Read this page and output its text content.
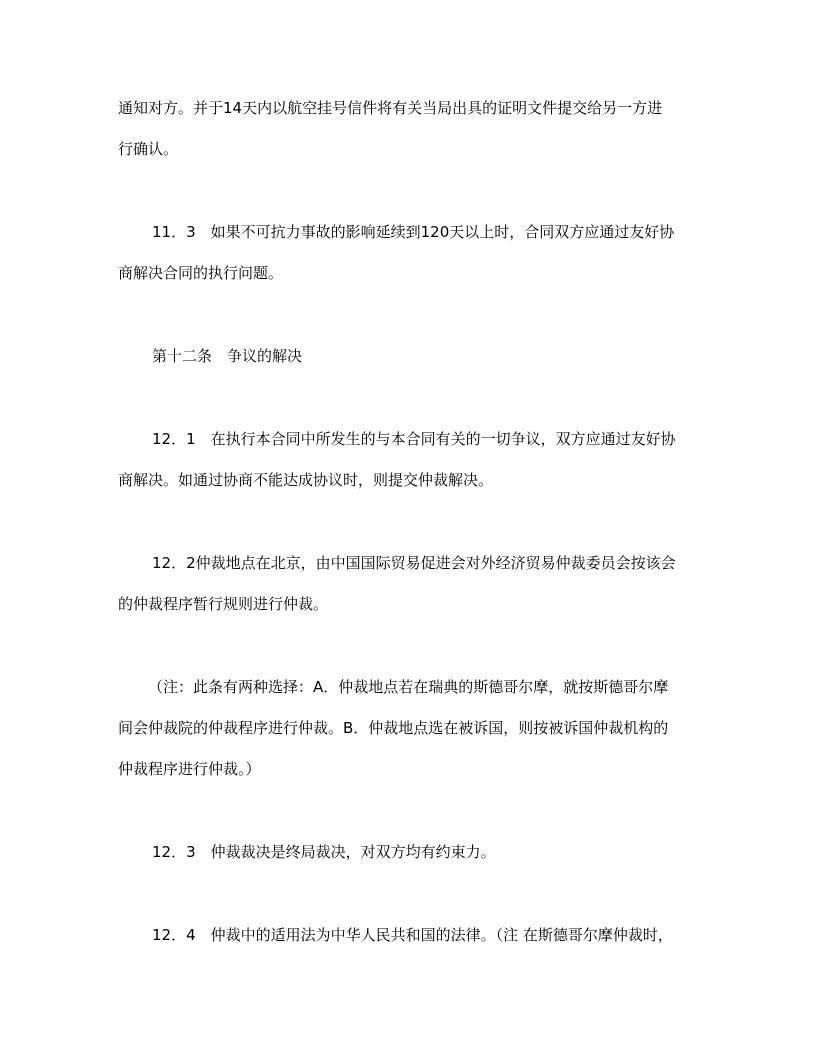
通知对方。并于14天内以航空挂号信件将有关当局出具的证明文件提交给另一方进
行确认。
11．3　如果不可抗力事故的影响延续到120天以上时，合同双方应通过友好协
商解决合同的执行问题。
第十二条　争议的解决
12．1　在执行本合同中所发生的与本合同有关的一切争议，双方应通过友好协
商解决。如通过协商不能达成协议时，则提交仲裁解决。
12．2仲裁地点在北京，由中国国际贸易促进会对外经济贸易仲裁委员会按该会
的仲裁程序暂行规则进行仲裁。
（注：此条有两种选择：A．仲裁地点若在瑞典的斯德哥尔摩，就按斯德哥尔摩
间会仲裁院的仲裁程序进行仲裁。B．仲裁地点选在被诉国，则按被诉国仲裁机构的
仲裁程序进行仲裁。）
12．3　仲裁裁决是终局裁决，对双方均有约束力。
12．4　仲裁中的适用法为中华人民共和国的法律。（注 在斯德哥尔摩仲裁时，
